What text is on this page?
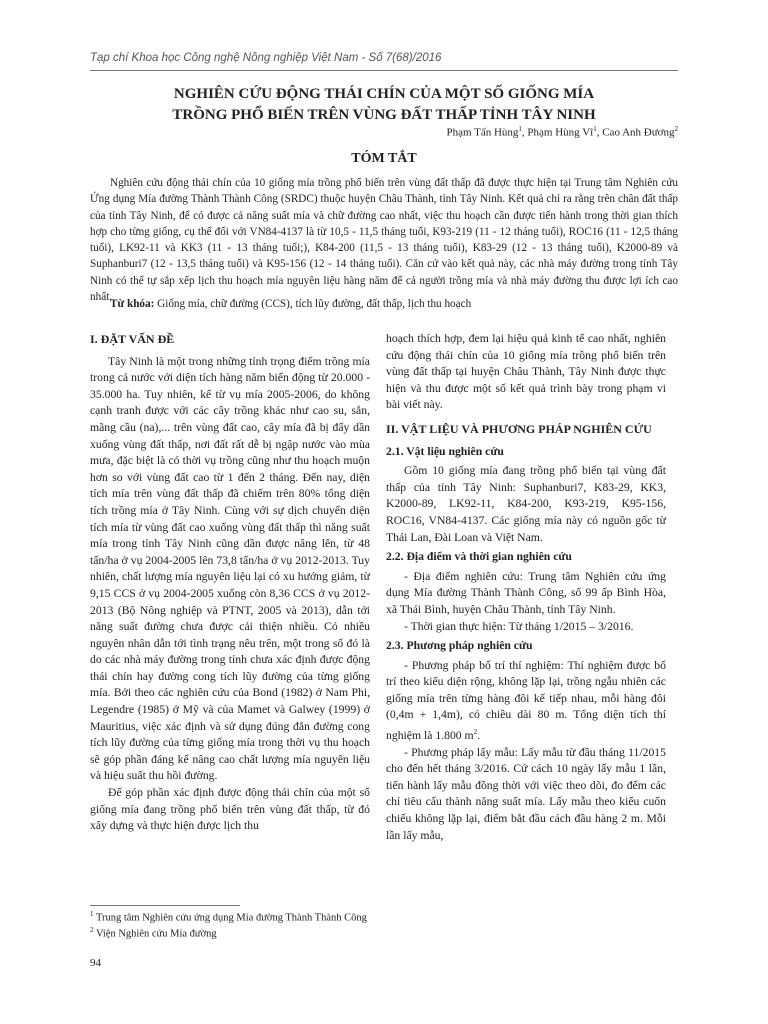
Tạp chí Khoa học Công nghệ Nông nghiệp Việt Nam - Số 7(68)/2016
NGHIÊN CỨU ĐỘNG THÁI CHÍN CỦA MỘT SỐ GIỐNG MÍA
TRỒNG PHỔ BIẾN TRÊN VÙNG ĐẤT THẤP TỈNH TÂY NINH
Phạm Tấn Hùng$^1$, Phạm Hùng $Vĩ^1$, Cao Anh Đương$^2$
TÓM TẮT

Nghiên cứu động thái chín của 10 giống mía trồng phổ biến trên vùng đất thấp đã được thực hiện tại Trung tâm Nghiên cứu Ứng dụng Mía đường Thành Thành Công (SRDC) thuộc huyện Châu Thành, tỉnh Tây Ninh. Kết quả chỉ ra rằng trên chân đất thấp của tỉnh Tây Ninh, để có được cả năng suất mía và chữ đường cao nhất, việc thu hoạch cần được tiến hành trong thời gian thích hợp cho từng giống, cụ thể đối với VN84-4137 là từ 10,5 - 11,5 tháng tuổi, K93-219 (11 - 12 tháng tuổi), ROC16 (11 - 12,5 tháng tuổi), LK92-11 và KK3 (11 - 13 tháng tuổi;), K84-200 (11,5 - 13 tháng tuổi), K83-29 (12 - 13 tháng tuổi), K2000-89 và Suphanburi7 (12 - 13,5 tháng tuổi) và K95-156 (12 - 14 tháng tuổi). Căn cứ vào kết quả này, các nhà máy đường trong tỉnh Tây Ninh có thể tự sắp xếp lịch thu hoạch mía nguyên liệu hàng năm để cả người trồng mía và nhà máy đường thu được lợi ích cao nhất.

Từ khóa: Giống mía, chữ đường (CCS), tích lũy đường, đất thấp, lịch thu hoạch

I. ĐẶT VẤN ĐỀ

Tây Ninh là một trong những tỉnh trọng điểm trồng mía trong cả nước với diện tích hàng năm biến động từ 20.000 - 35.000 ha. Tuy nhiên, kể từ vụ mía 2005-2006, do không cạnh tranh được với các cây trồng khác như cao su, sắn, mãng cầu (na),... trên vùng đất cao, cây mía đã bị đẩy dần xuống vùng đất thấp, nơi đất rất dễ bị ngập nước vào mùa mưa, đặc biệt là có thời vụ trồng cũng như thu hoạch muộn hơn so với vùng đất cao từ 1 đến 2 tháng. Đến nay, diện tích mía trên vùng đất thấp đã chiếm trên 80% tổng diện tích trồng mía ở Tây Ninh. Cùng với sự dịch chuyển diện tích mía từ vùng đất cao xuống vùng đất thấp thì năng suất mía trong tỉnh Tây Ninh cũng dần được nâng lên, từ 48 tấn/ha ở vụ 2004-2005 lên 73,8 tấn/ha ở vụ 2012-2013. Tuy nhiên, chất lượng mía nguyên liệu lại có xu hướng giảm, từ 9,15 CCS ở vụ 2004-2005 xuống còn 8,36 CCS ở vụ 2012-2013 (Bộ Nông nghiệp và PTNT, 2005 và 2013), dẫn tới năng suất đường chưa được cải thiện nhiều. Có nhiều nguyên nhân dẫn tới tình trạng nêu trên, một trong số đó là do các nhà máy đường trong tỉnh chưa xác định được động thái chín hay đường cong tích lũy đường của từng giống mía. Bởi theo các nghiên cứu của Bond (1982) ở Nam Phi, Legendre (1985) ở Mỹ và của Mamet và Galwey (1999) ở Mauritius, việc xác định và sử dụng đúng đắn đường cong tích lũy đường của từng giống mía trong thời vụ thu hoạch sẽ góp phần đáng kể nâng cao chất lượng mía nguyên liệu và hiệu suất thu hồi đường.

Để góp phần xác định được động thái chín của một số giống mía đang trồng phổ biến trên vùng đất thấp, từ đó xây dựng và thực hiện được lịch thu

hoạch thích hợp, đem lại hiệu quả kinh tế cao nhất, nghiên cứu động thái chín của 10 giống mía trồng phổ biến trên vùng đất thấp tại huyện Châu Thành, Tây Ninh được thực hiện và thu được một số kết quả trình bày trong phạm vi bài viết này.

II. VẬT LIỆU VÀ PHƯƠNG PHÁP NGHIÊN CỨU
2.1. Vật liệu nghiên cứu

Gồm 10 giống mía đang trồng phổ biến tại vùng đất thấp của tỉnh Tây Ninh: Suphanburi7, K83-29, KK3, K2000-89, LK92-11, K84-200, K93-219, K95-156, ROC16, VN84-4137. Các giống mía này có nguồn gốc từ Thái Lan, Đài Loan và Việt Nam.

2.2. Địa điểm và thời gian nghiên cứu

- Địa điểm nghiên cứu: Trung tâm Nghiên cứu ứng dụng Mía đường Thành Thành Công, số 99 ấp Bình Hòa, xã Thái Bình, huyện Châu Thành, tỉnh Tây Ninh.

- Thời gian thực hiện: Từ tháng 1/2015 – 3/2016.

2.3. Phương pháp nghiên cứu

- Phương pháp bố trí thí nghiệm: Thí nghiệm được bố trí theo kiểu diện rộng, không lặp lại, trồng ngẫu nhiên các giống mía trên từng hàng đôi kế tiếp nhau, mỗi hàng đôi (0,4m + 1,4m), có chiều dài 80 m. Tổng diện tích thí nghiệm là 1.800 $m^2$.

- Phương pháp lấy mẫu: Lấy mẫu từ đầu tháng 11/2015 cho đến hết tháng 3/2016. Cứ cách 10 ngày lấy mẫu 1 lần, tiến hành lấy mẫu đồng thời với việc theo dõi, đo đếm các chỉ tiêu cấu thành năng suất mía. Lấy mẫu theo kiểu cuốn chiếu không lặp lại, điểm bắt đầu cách đầu hàng 2 m. Mỗi lần lấy mẫu,

$^1$ Trung tâm Nghiên cứu ứng dụng Mía đường Thành Thành Công
$^2$ Viện Nghiên cứu Mía đường
94
